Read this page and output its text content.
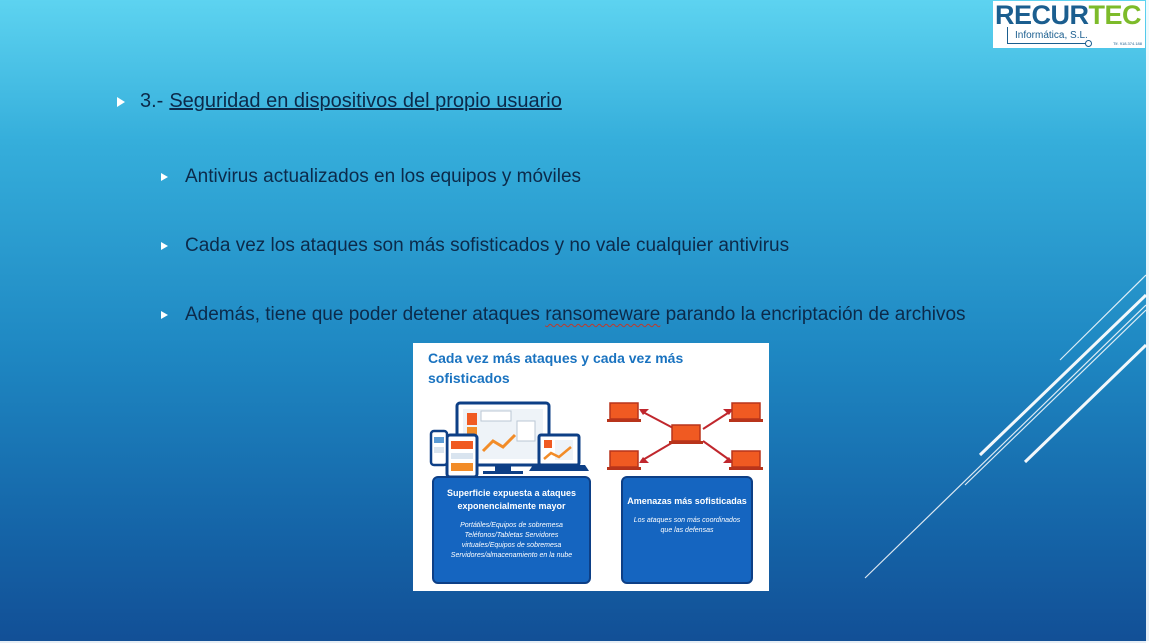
RECURTEC
Informática, S.L.
Tlf. 918.374.188
3.- Seguridad en dispositivos del propio usuario
Antivirus actualizados en los equipos y móviles
Cada vez los ataques son más sofisticados y no vale cualquier antivirus
Además, tiene que poder detener ataques ransomeware parando la encriptación de archivos
Cada vez más ataques y cada vez más sofisticados
Superficie expuesta a ataques exponencialmente mayor
Portátiles/Equipos de sobremesa Teléfonos/Tabletas Servidores virtuales/Equipos de sobremesa Servidores/almacenamiento en la nube
Amenazas más sofisticadas
Los ataques son más coordinados que las defensas
